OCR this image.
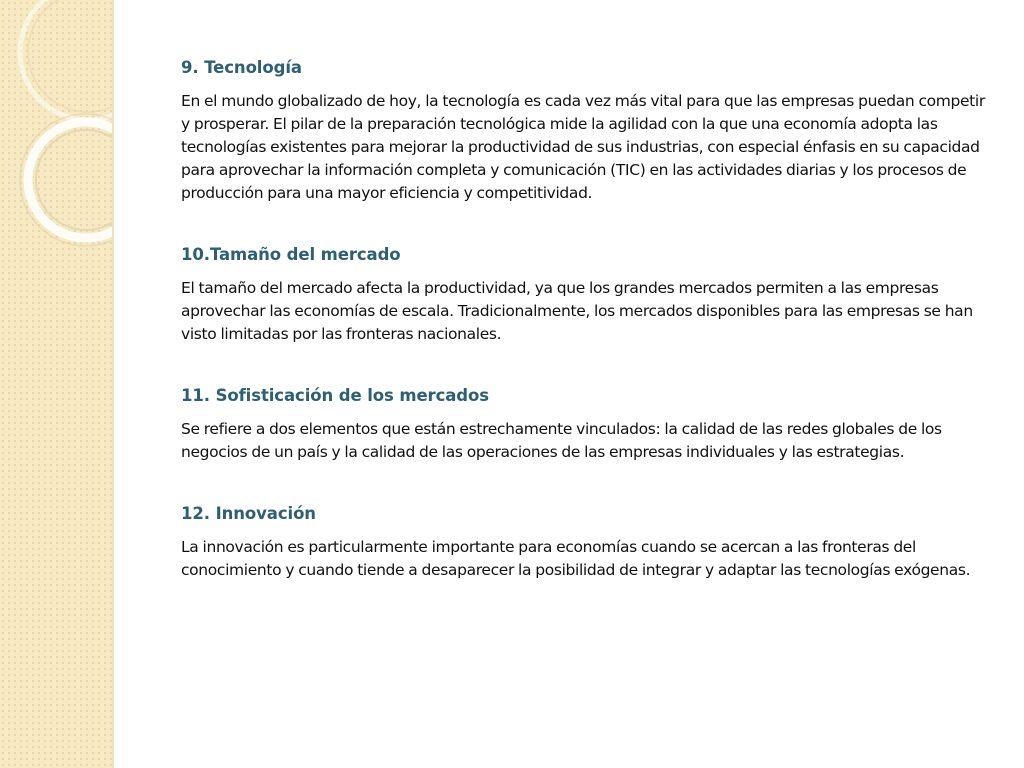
9. Tecnología

En el mundo globalizado de hoy, la tecnología es cada vez más vital para que las empresas puedan competir y prosperar. El pilar de la preparación tecnológica mide la agilidad con la que una economía adopta las tecnologías existentes para mejorar la productividad de sus industrias, con especial énfasis en su capacidad para aprovechar la información completa y comunicación (TIC) en las actividades diarias y los procesos de producción para una mayor eficiencia y competitividad.

10.Tamaño del mercado

El tamaño del mercado afecta la productividad, ya que los grandes mercados permiten a las empresas aprovechar las economías de escala. Tradicionalmente, los mercados disponibles para las empresas se han visto limitadas por las fronteras nacionales.

11. Sofisticación de los mercados

Se refiere a dos elementos que están estrechamente vinculados: la calidad de las redes globales de los negocios de un país y la calidad de las operaciones de las empresas individuales y las estrategias.

12. Innovación

La innovación es particularmente importante para economías cuando se acercan a las fronteras del conocimiento y cuando tiende a desaparecer la posibilidad de integrar y adaptar las tecnologías exógenas.
